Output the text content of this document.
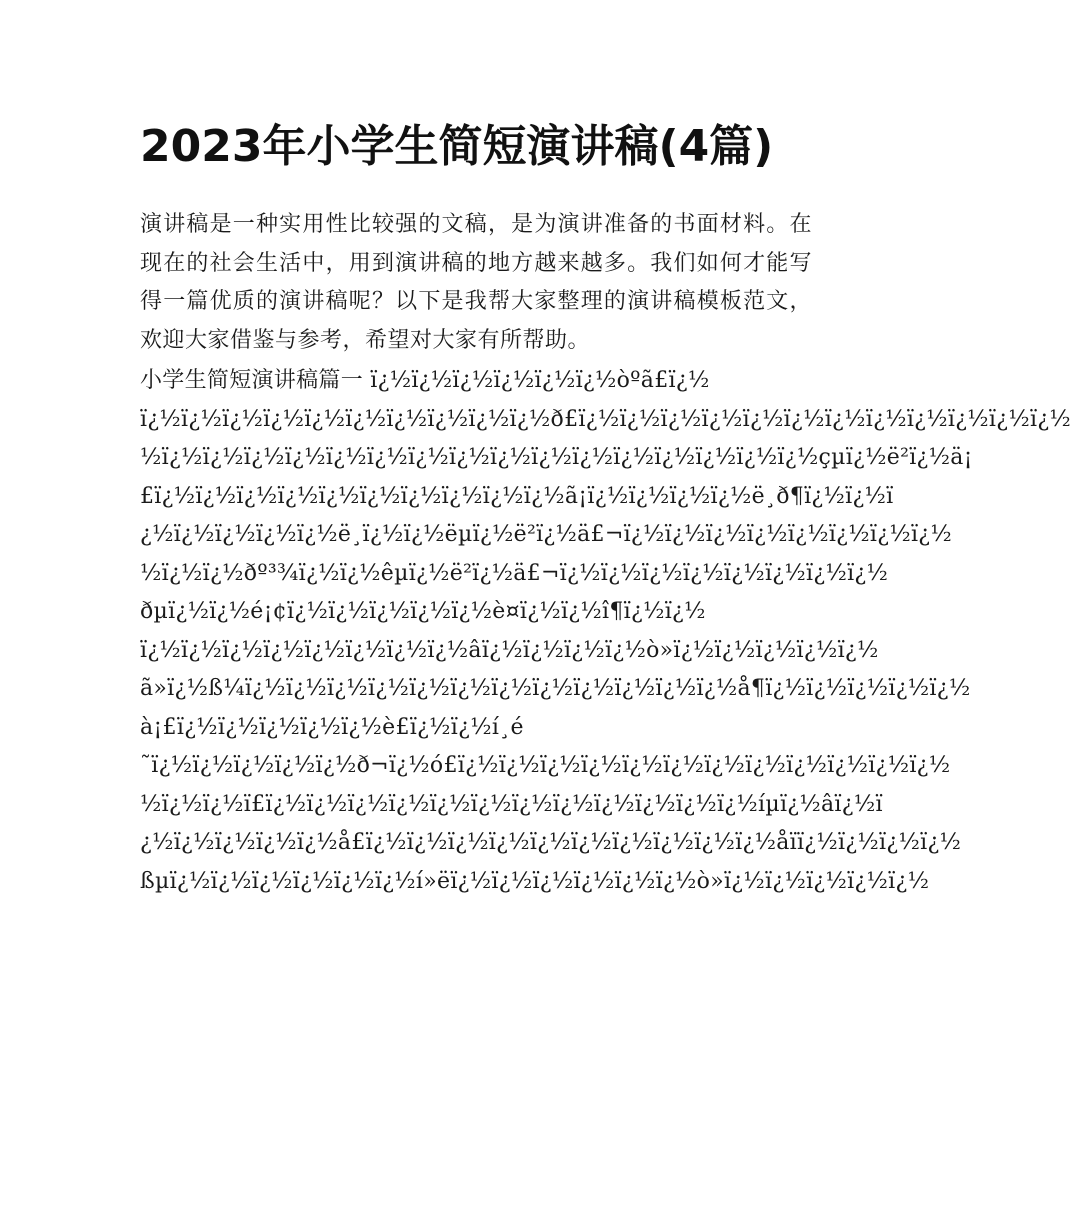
2023年小学生简短演讲稿(4篇)

演讲稿是一种实用性比较强的文稿，是为演讲准备的书面材料。在现在的社会生活中，用到演讲稿的地方越来越多。我们如何才能写得一篇优质的演讲稿呢？以下是我帮大家整理的演讲稿模板范文，欢迎大家借鉴与参考，希望对大家有所帮助。

小学生简短演讲稿篇一 ï¿½ï¿½ï¿½ï¿½ï¿½ï¿½òºã£ï¿½
ï¿½ï¿½ï¿½ï¿½ï¿½ï¿½ï¿½ï¿½ï¿½ï¿½ð£ï¿½ï¿½ï¿½ï¿½ï¿½ï¿½ï¿½ï¿½ï¿½ï¿½ï¿½ï¿½
½ï¿½ï¿½ï¿½ï¿½ï¿½ï¿½ï¿½ï¿½ï¿½ï¿½ï¿½ï¿½ï¿½ï¿½ï¿½ï¿½çµï¿½ë²ï¿½ä¡
£ï¿½ï¿½ï¿½ï¿½ï¿½ï¿½ï¿½ï¿½ï¿½ï¿½ã¡ï¿½ï¿½ï¿½ï¿½ë¸ð¶ï¿½ï¿½ï
¿½ï¿½ï¿½ï¿½ï¿½ë¸ï¿½ï¿½ëµï¿½ë²ï¿½ä£¬ï¿½ï¿½ï¿½ï¿½ï¿½ï¿½ï¿½ï¿½
½ï¿½ï¿½ðº³¾ï¿½ï¿½êµï¿½ë²ï¿½ä£¬ï¿½ï¿½ï¿½ï¿½ï¿½ï¿½ï¿½ï¿½
ðµï¿½ï¿½é¡¢ï¿½ï¿½ï¿½ï¿½ï¿½è¤ï¿½ï¿½î¶ï¿½ï¿½
ï¿½ï¿½ï¿½ï¿½ï¿½ï¿½ï¿½ï¿½âï¿½ï¿½ï¿½ï¿½ò»ï¿½ï¿½ï¿½ï¿½ï¿½
ã»ï¿½ß¼ï¿½ï¿½ï¿½ï¿½ï¿½ï¿½ï¿½ï¿½ï¿½ï¿½ï¿½ï¿½å¶ï¿½ï¿½ï¿½ï¿½ï¿½
à¡£ï¿½ï¿½ï¿½ï¿½ï¿½è£ï¿½ï¿½í¸é
˜ï¿½ï¿½ï¿½ï¿½ï¿½ð¬ï¿½ó£ï¿½ï¿½ï¿½ï¿½ï¿½ï¿½ï¿½ï¿½ï¿½ï¿½ï¿½ï¿½
½ï¿½ï¿½ï£ï¿½ï¿½ï¿½ï¿½ï¿½ï¿½ï¿½ï¿½ï¿½ï¿½ï¿½ï¿½íµï¿½âï¿½ï
¿½ï¿½ï¿½ï¿½ï¿½å£ï¿½ï¿½ï¿½ï¿½ï¿½ï¿½ï¿½ï¿½ï¿½ï¿½åïï¿½ï¿½ï¿½ï¿½
ßµï¿½ï¿½ï¿½ï¿½ï¿½ï¿½í»ëï¿½ï¿½ï¿½ï¿½ï¿½ï¿½ò»ï¿½ï¿½ï¿½ï¿½ï¿½
